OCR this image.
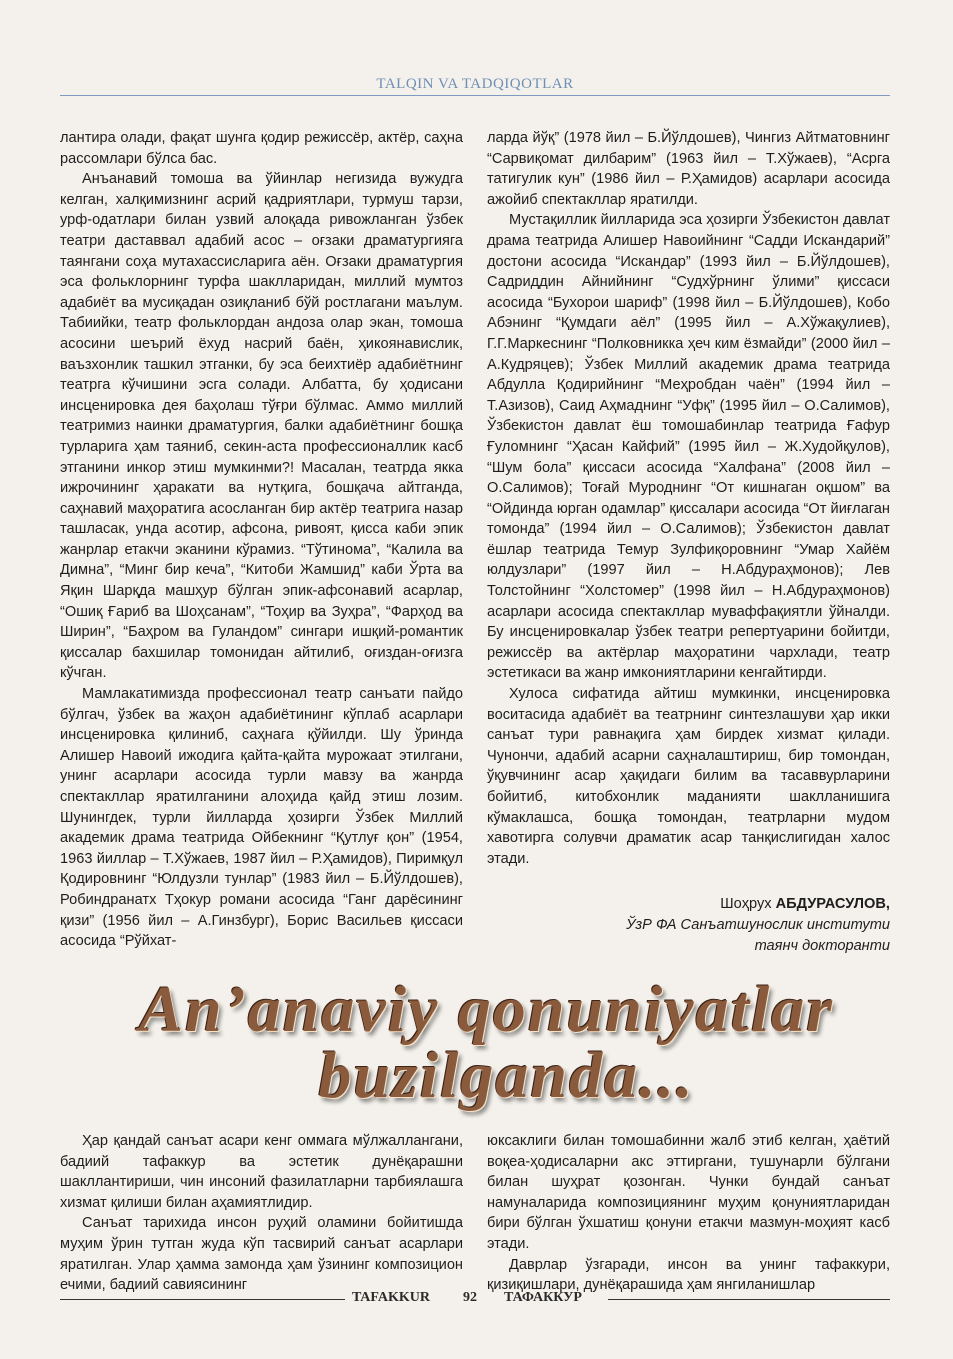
TALQIN VA TADQIQOTLAR

лантира олади, фақат шунга қодир режиссёр, актёр, саҳна рассомлари бўлса бас.

Анъанавий томоша ва ўйинлар негизида вужудга келган, халқимизнинг асрий қадриятлари, турмуш тарзи, урф-одатлари билан узвий алоқада ривожланган ўзбек театри даставвал адабий асос – оғзаки драматургияга таянгани соҳа мутахассисларига аён. Оғзаки драматургия эса фольклорнинг турфа шаклларидан, миллий мумтоз адабиёт ва мусиқадан озиқланиб бўй ростлагани маълум. Табиийки, театр фольклордан андоза олар экан, томоша асосини шеърий ёхуд насрий баён, ҳикоянавислик, ваъзхонлик ташкил этганки, бу эса беихтиёр адабиётнинг театрга кўчишини эсга солади. Албатта, бу ҳодисани инсценировка дея баҳолаш тўғри бўлмас. Аммо миллий театримиз наинки драматургия, балки адабиётнинг бошқа турларига ҳам таяниб, секин-аста профессионаллик касб этганини инкор этиш мумкинми?! Масалан, театрда якка ижрочининг ҳаракати ва нутқига, бошқача айтганда, саҳнавий маҳоратига асосланган бир актёр театрига назар ташласак, унда асотир, афсона, ривоят, қисса каби эпик жанрлар етакчи эканини кўрамиз. “Тўтинома”, “Калила ва Димна”, “Минг бир кеча”, “Китоби Жамшид” каби Ўрта ва Яқин Шарқда машҳур бўлган эпик-афсонавий асарлар, “Ошиқ Ғариб ва Шоҳсанам”, “Тоҳир ва Зуҳра”, “Фарҳод ва Ширин”, “Баҳром ва Гуландом” сингари ишқий-романтик қиссалар бахшилар томонидан айтилиб, оғиздан-оғизга кўчган.

Мамлакатимизда профессионал театр санъати пайдо бўлгач, ўзбек ва жаҳон адабиётининг кўплаб асарлари инсценировка қилиниб, саҳнага қўйилди. Шу ўринда Алишер Навоий ижодига қайта-қайта мурожаат этилгани, унинг асарлари асосида турли мавзу ва жанрда спектакллар яратилганини алоҳида қайд этиш лозим. Шунингдек, турли йилларда ҳозирги Ўзбек Миллий академик драма театрида Ойбекнинг “Қутлуғ қон” (1954, 1963 йиллар – Т.Хўжаев, 1987 йил – Р.Ҳамидов), Пиримқул Қодировнинг “Юлдузли тунлар” (1983 йил – Б.Йўлдошев), Робиндранатх Тҳокур романи асосида “Ганг дарёсининг қизи” (1956 йил – А.Гинзбург), Борис Васильев қиссаси асосида “Рўйхат-

ларда йўқ” (1978 йил – Б.Йўлдошев), Чингиз Айтматовнинг “Сарвиқомат дилбарим” (1963 йил – Т.Хўжаев), “Асрга татигулик кун” (1986 йил – Р.Ҳамидов) асарлари асосида ажойиб спектакллар яратилди.

Мустақиллик йилларида эса ҳозирги Ўзбекистон давлат драма театрида Алишер Навоийнинг “Садди Искандарий” достони асосида “Искандар” (1993 йил – Б.Йўлдошев), Садриддин Айнийнинг “Судхўрнинг ўлими” қиссаси асосида “Бухорои шариф” (1998 йил – Б.Йўлдошев), Кобо Абэнинг “Қумдаги аёл” (1995 йил – А.Хўжақулиев), Г.Г.Маркеснинг “Полковникка ҳеч ким ёзмайди” (2000 йил – А.Кудряцев); Ўзбек Миллий академик драма театрида Абдулла Қодирийнинг “Меҳробдан чаён” (1994 йил – Т.Азизов), Саид Аҳмаднинг “Уфқ” (1995 йил – О.Салимов), Ўзбекистон давлат ёш томошабинлар театрида Ғафур Ғуломнинг “Ҳасан Кайфий” (1995 йил – Ж.Худойқулов), “Шум бола” қиссаси асосида “Халфана” (2008 йил – О.Салимов); Тоғай Муроднинг “От кишнаган оқшом” ва “Ойдинда юрган одамлар” қиссалари асосида “От йиғлаган томонда” (1994 йил – О.Салимов); Ўзбекистон давлат ёшлар театрида Темур Зулфиқоровнинг “Умар Хайём юлдузлари” (1997 йил – Н.Абдураҳмонов); Лев Толстойнинг “Холстомер” (1998 йил – Н.Абдураҳмонов) асарлари асосида спектакллар муваффақиятли ўйналди. Бу инсценировкалар ўзбек театри репертуарини бойитди, режиссёр ва актёрлар маҳоратини чархлади, театр эстетикаси ва жанр имкониятларини кенгайтирди.

Хулоса сифатида айтиш мумкинки, инсценировка воситасида адабиёт ва театрнинг синтезлашуви ҳар икки санъат тури равнақига ҳам бирдек хизмат қилади. Чунончи, адабий асарни саҳналаштириш, бир томондан, ўқувчининг асар ҳақидаги билим ва тасаввурларини бойитиб, китобхонлик маданияти шаклланишига кўмаклашса, бошқа томондан, театрларни мудом хавотирга солувчи драматик асар танқислигидан халос этади.

Шоҳрух АБДУРАСУЛОВ,
ЎзР ФА Санъатшунослик институти
таянч докторанти
An’anaviy qonuniyatlar
buzilganda...

Ҳар қандай санъат асари кенг оммага мўлжаллангани, бадиий тафаккур ва эстетик дунёқарашни шакллантириши, чин инсоний фазилатларни тарбиялашга хизмат қилиши билан аҳамиятлидир.

Санъат тарихида инсон руҳий оламини бойитишда муҳим ўрин тутган жуда кўп тасвирий санъат асарлари яратилган. Улар ҳамма замонда ҳам ўзининг композицион ечими, бадиий савиясининг

юксаклиги билан томошабинни жалб этиб келган, ҳаётий воқеа-ҳодисаларни акс эттиргани, тушунарли бўлгани билан шуҳрат қозонган. Чунки бундай санъат намуналарида композициянинг муҳим қонуниятларидан бири бўлган ўхшатиш қонуни етакчи мазмун-моҳият касб этади.

Даврлар ўзгаради, инсон ва унинг тафаккури, қизиқишлари, дунёқарашида ҳам янгиланишлар

TAFAKKUR 92 ТАФАККУР
